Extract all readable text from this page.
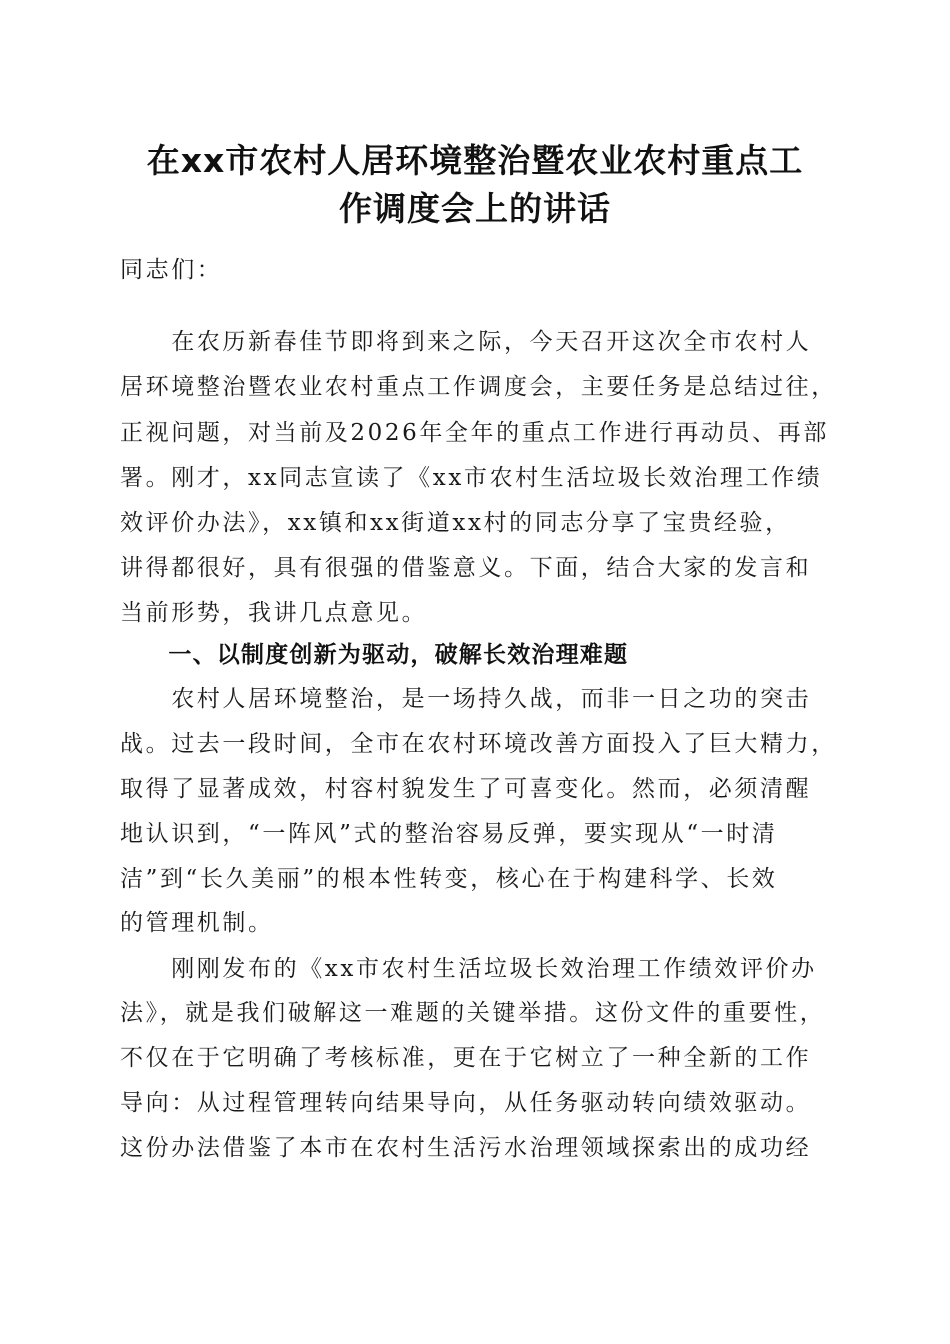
在xx市农村人居环境整治暨农业农村重点工
作调度会上的讲话
同志们：
　　在农历新春佳节即将到来之际，今天召开这次全市农村人
居环境整治暨农业农村重点工作调度会，主要任务是总结过往，
正视问题，对当前及2026年全年的重点工作进行再动员、再部
署。刚才，xx同志宣读了《xx市农村生活垃圾长效治理工作绩
效评价办法》，xx镇和xx街道xx村的同志分享了宝贵经验，
讲得都很好，具有很强的借鉴意义。下面，结合大家的发言和
当前形势，我讲几点意见。
　　一、以制度创新为驱动，破解长效治理难题
　　农村人居环境整治，是一场持久战，而非一日之功的突击
战。过去一段时间，全市在农村环境改善方面投入了巨大精力，
取得了显著成效，村容村貌发生了可喜变化。然而，必须清醒
地认识到，“一阵风”式的整治容易反弹，要实现从“一时清
洁”到“长久美丽”的根本性转变，核心在于构建科学、长效
的管理机制。
　　刚刚发布的《xx市农村生活垃圾长效治理工作绩效评价办
法》，就是我们破解这一难题的关键举措。这份文件的重要性，
不仅在于它明确了考核标准，更在于它树立了一种全新的工作
导向：从过程管理转向结果导向，从任务驱动转向绩效驱动。
这份办法借鉴了本市在农村生活污水治理领域探索出的成功经
